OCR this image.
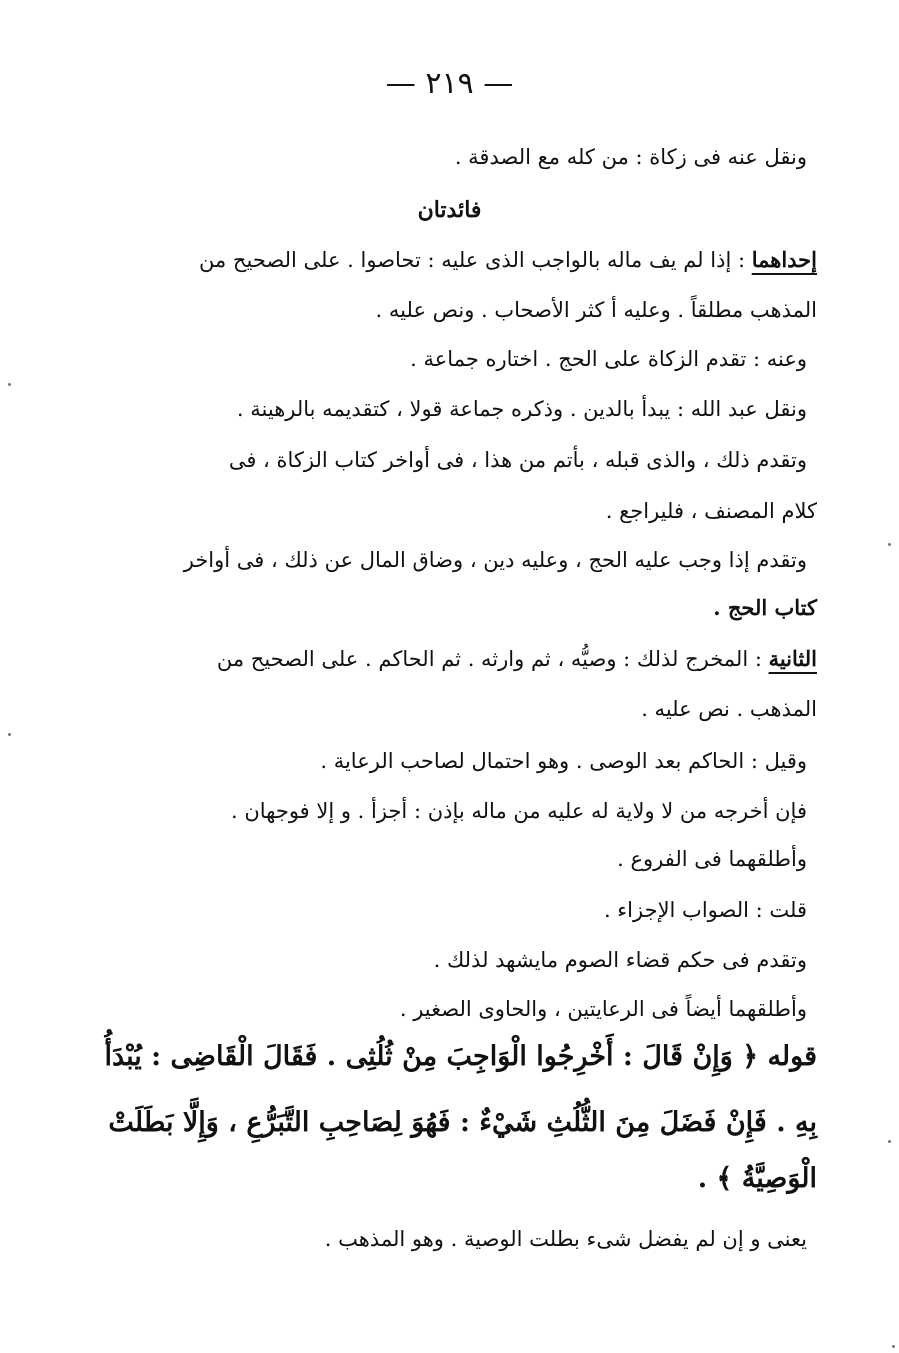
— ٢١٩ —
ونقل عنه فى زكاة : من كله مع الصدقة .
فائدتان
إحداهما : إذا لم يف ماله بالواجب الذى عليه : تحاصوا . على الصحيح من
المذهب مطلقاً . وعليه أ كثر الأصحاب . ونص عليه .
وعنه : تقدم الزكاة على الحج . اختاره جماعة .
ونقل عبد الله : يبدأ بالدين . وذكره جماعة قولا ، كتقديمه بالرهينة .
وتقدم ذلك ، والذى قبله ، بأتم من هذا ، فى أواخر كتاب الزكاة ، فى
كلام المصنف ، فليراجع .
وتقدم إذا وجب عليه الحج ، وعليه دين ، وضاق المال عن ذلك ، فى أواخر
كتاب الحج .
الثانية : المخرج لذلك : وصيُّه ، ثم وارثه . ثم الحاكم . على الصحيح من
المذهب . نص عليه .
وقيل : الحاكم بعد الوصى . وهو احتمال لصاحب الرعاية .
فإن أخرجه من لا ولاية له عليه من ماله بإذن : أجزأ . و إلا فوجهان .
وأطلقهما فى الفروع .
قلت : الصواب الإجزاء .
وتقدم فى حكم قضاء الصوم مايشهد لذلك .
وأطلقهما أيضاً فى الرعايتين ، والحاوى الصغير .
قوله ﴿ وَإِنْ قَالَ : أَخْرِجُوا الْوَاجِبَ مِنْ ثُلُثِى . فَقَالَ الْقَاضِى : يُبْدَأُ
بِهِ . فَإِنْ فَضَلَ مِنَ الثُّلُثِ شَيْءٌ : فَهُوَ لِصَاحِبِ التَّبَرُّعِ ، وَإِلَّا بَطَلَتْ
الْوَصِيَّةُ ﴾ .
يعنى و إن لم يفضل شىء بطلت الوصية . وهو المذهب .
